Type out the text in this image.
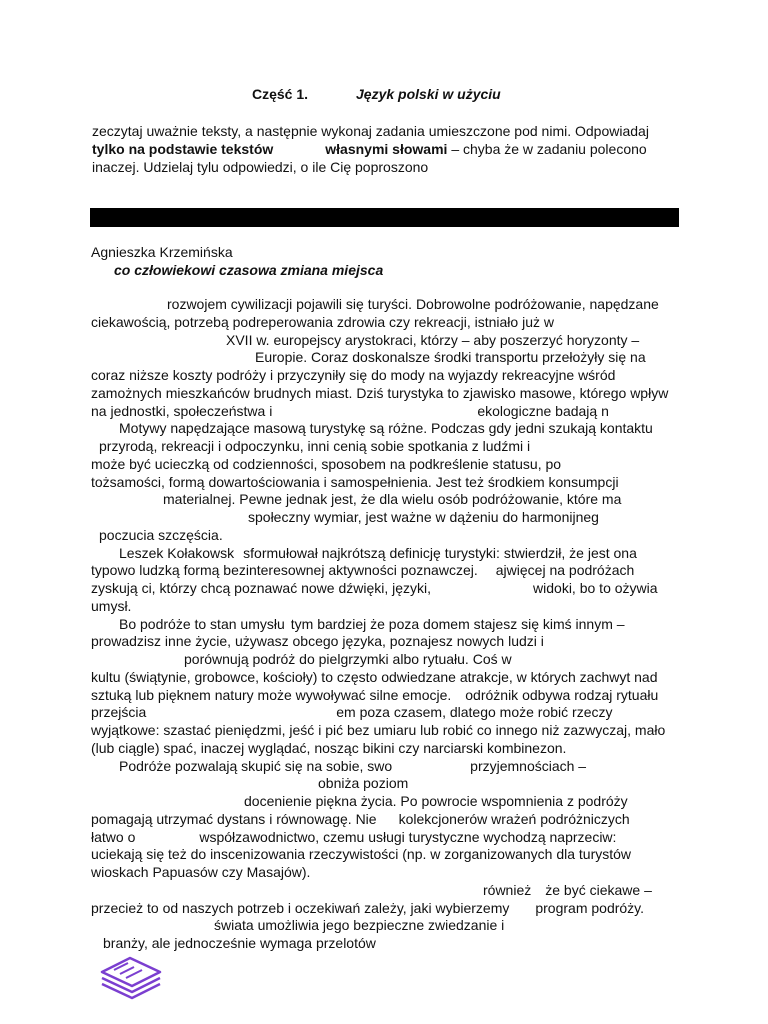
Część 1.	Język polski w użyciu
zeczytaj uważnie teksty, a następnie wykonaj zadania umieszczone pod nimi. Odpowiadaj
tylko na podstawie tekstów	własnymi słowami – chyba że w zadaniu polecono
inaczej. Udzielaj tylu odpowiedzi, o ile Cię poproszono
Agnieszka Krzemińska
co człowiekowi czasowa zmiana miejsca
rozwojem cywilizacji pojawili się turyści. Dobrowolne podróżowanie, napędzane
ciekawością, potrzebą podreperowania zdrowia czy rekreacji, istniało już w
XVII w. europejscy arystokraci, którzy – aby poszerzyć horyzonty –
Europie. Coraz doskonalsze środki transportu przełożyły się na
coraz niższe koszty podróży i przyczyniły się do mody na wyjazdy rekreacyjne wśród
zamożnych mieszkańców brudnych miast. Dziś turystyka to zjawisko masowe, którego wpływ
na jednostki, społeczeństwa i	ekologiczne badają n
Motywy napędzające masową turystykę są różne. Podczas gdy jedni szukają kontaktu
przyrodą, rekreacji i odpoczynku, inni cenią sobie spotkania z ludźmi i
może być ucieczką od codzienności, sposobem na podkreślenie statusu, po
tożsamości, formą dowartościowania i samospełnienia. Jest też środkiem konsumpcji
materialnej. Pewne jednak jest, że dla wielu osób podróżowanie, które ma
społeczny wymiar, jest ważne w dążeniu do harmonijneg
poczucia szczęścia.
Leszek Kołakowsk sformułował najkrótszą definicję turystyki: stwierdził, że jest ona
typowo ludzką formą bezinteresownej aktywności poznawczej. ajwięcej na podróżach
zyskują ci, którzy chcą poznawać nowe dźwięki, języki,	widoki, bo to ożywia
umysł.
Bo podróże to stan umysłu tym bardziej że poza domem stajesz się kimś innym –
prowadzisz inne życie, używasz obcego języka, poznajesz nowych ludzi i
porównują podróż do pielgrzymki albo rytuału. Coś w
kultu (świątynie, grobowce, kościoły) to często odwiedzane atrakcje, w których zachwyt nad
sztuką lub pięknem natury może wywoływać silne emocje. odróżnik odbywa rodzaj rytuału
przejścia	em poza czasem, dlatego może robić rzeczy
wyjątkowe: szastać pieniędzmi, jeść i pić bez umiaru lub robić co innego niż zazwyczaj, mało
(lub ciągle) spać, inaczej wyglądać, nosząc bikini czy narciarski kombinezon.
Podróże pozwalają skupić się na sobie, swo	przyjemnościach –
obniża poziom
docenienie piękna życia. Po powrocie wspomnienia z podróży
pomagają utrzymać dystans i równowagę. Nie kolekcjonerów wrażeń podróżniczych
łatwo o	współzawodnictwo, czemu usługi turystyczne wychodzą naprzeciw:
uciekają się też do inscenizowania rzeczywistości (np. w zorganizowanych dla turystów
wioskach Papuasów czy Masajów).
również że być ciekawe –
przecież to od naszych potrzeb i oczekiwań zależy, jaki wybierzemy program podróży.
świata umożliwia jego bezpieczne zwiedzanie i
branży, ale jednocześnie wymaga przelotów
